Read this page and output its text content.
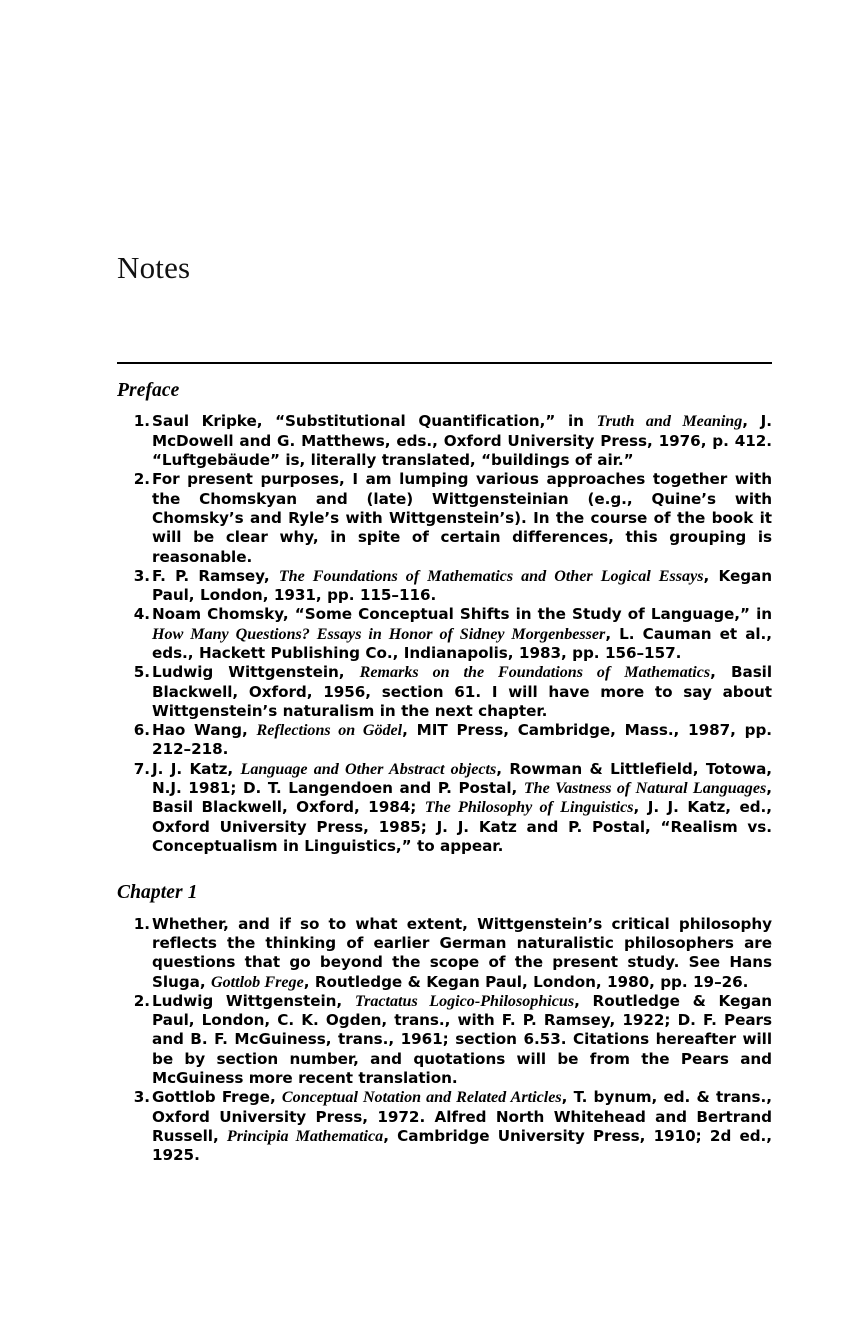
Notes
Preface
1. Saul Kripke, “Substitutional Quantification,” in Truth and Meaning, J. McDowell and G. Matthews, eds., Oxford University Press, 1976, p. 412. “Luftgebäude” is, literally translated, “buildings of air.”
2. For present purposes, I am lumping various approaches together with the Chomskyan and (late) Wittgensteinian (e.g., Quine’s with Chomsky’s and Ryle’s with Wittgenstein’s). In the course of the book it will be clear why, in spite of certain differences, this grouping is reasonable.
3. F. P. Ramsey, The Foundations of Mathematics and Other Logical Essays, Kegan Paul, London, 1931, pp. 115–116.
4. Noam Chomsky, “Some Conceptual Shifts in the Study of Language,” in How Many Questions? Essays in Honor of Sidney Morgenbesser, L. Cauman et al., eds., Hackett Publishing Co., Indianapolis, 1983, pp. 156–157.
5. Ludwig Wittgenstein, Remarks on the Foundations of Mathematics, Basil Blackwell, Oxford, 1956, section 61. I will have more to say about Wittgenstein’s naturalism in the next chapter.
6. Hao Wang, Reflections on Gödel, MIT Press, Cambridge, Mass., 1987, pp. 212–218.
7. J. J. Katz, Language and Other Abstract objects, Rowman & Littlefield, Totowa, N.J. 1981; D. T. Langendoen and P. Postal, The Vastness of Natural Languages, Basil Blackwell, Oxford, 1984; The Philosophy of Linguistics, J. J. Katz, ed., Oxford University Press, 1985; J. J. Katz and P. Postal, “Realism vs. Conceptualism in Linguistics,” to appear.
Chapter 1
1. Whether, and if so to what extent, Wittgenstein’s critical philosophy reflects the thinking of earlier German naturalistic philosophers are questions that go beyond the scope of the present study. See Hans Sluga, Gottlob Frege, Routledge & Kegan Paul, London, 1980, pp. 19–26.
2. Ludwig Wittgenstein, Tractatus Logico-Philosophicus, Routledge & Kegan Paul, London, C. K. Ogden, trans., with F. P. Ramsey, 1922; D. F. Pears and B. F. McGuiness, trans., 1961; section 6.53. Citations hereafter will be by section number, and quotations will be from the Pears and McGuiness more recent translation.
3. Gottlob Frege, Conceptual Notation and Related Articles, T. bynum, ed. & trans., Oxford University Press, 1972. Alfred North Whitehead and Bertrand Russell, Principia Mathematica, Cambridge University Press, 1910; 2d ed., 1925.
